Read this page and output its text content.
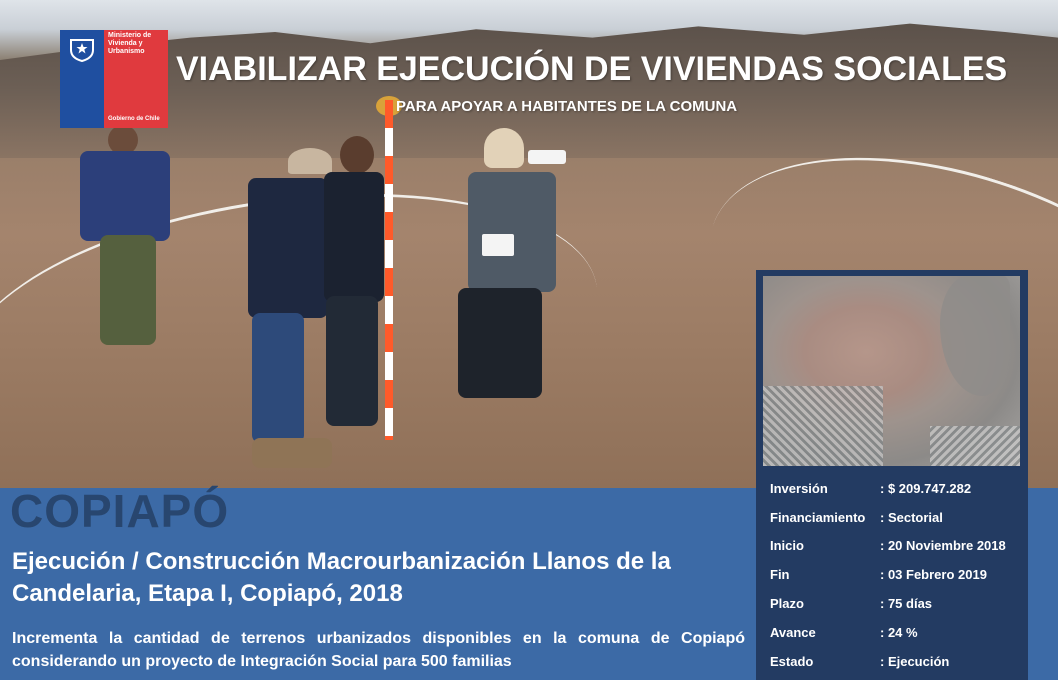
Ministerio de
Vivienda y
Urbanismo
Gobierno de Chile
VIABILIZAR EJECUCIÓN DE VIVIENDAS SOCIALES
PARA APOYAR A HABITANTES DE LA COMUNA
COPIAPÓ
Ejecución / Construcción Macrourbanización Llanos de la Candelaria, Etapa I, Copiapó, 2018
Incrementa la cantidad de terrenos urbanizados disponibles en la comuna de Copiapó considerando un proyecto de Integración Social para 500 familias
Inversión	: $ 209.747.282
Financiamiento	: Sectorial
Inicio	: 20 Noviembre 2018
Fin	: 03 Febrero 2019
Plazo	: 75 días
Avance	: 24 %
Estado	: Ejecución
